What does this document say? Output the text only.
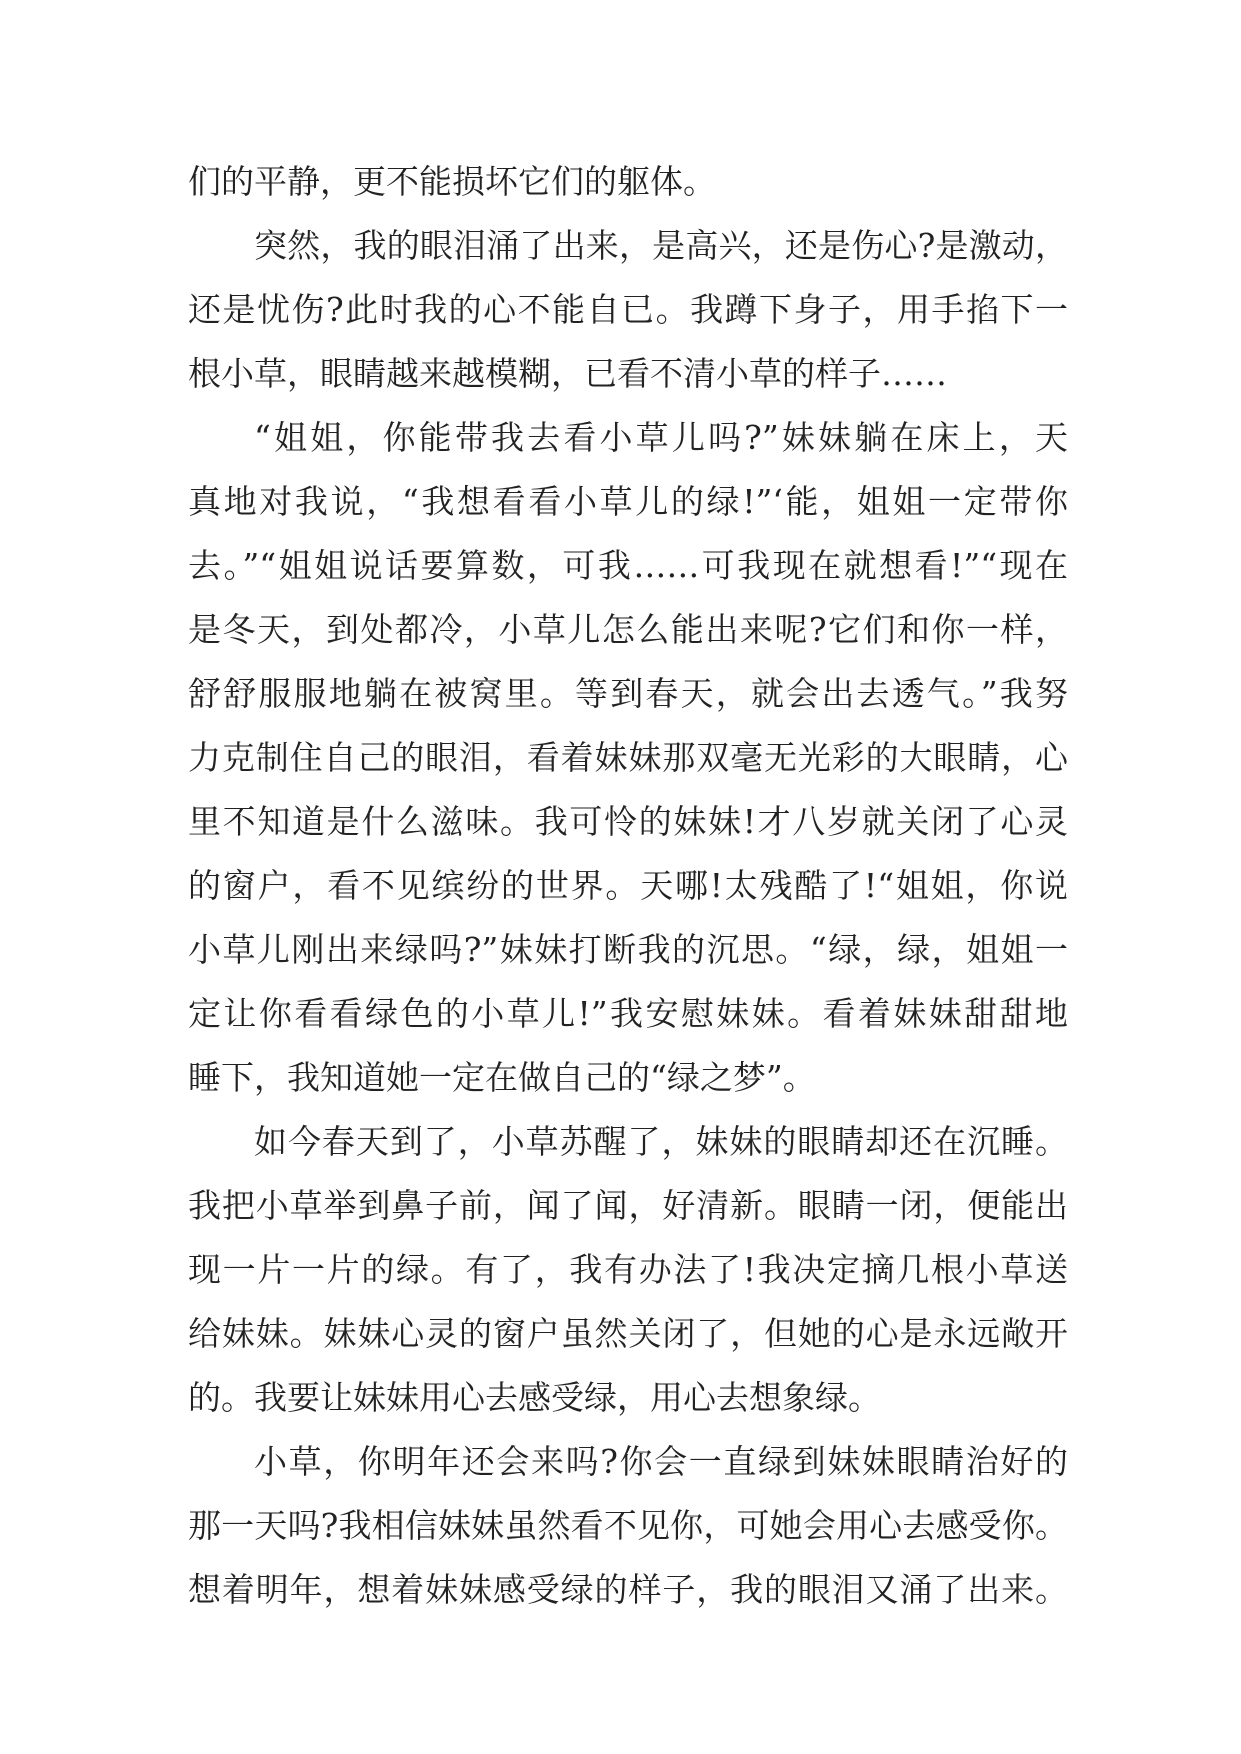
们的平静，更不能损坏它们的躯体。
突然，我的眼泪涌了出来，是高兴，还是伤心?是激动，
还是忧伤?此时我的心不能自已。我蹲下身子，用手掐下一
根小草，眼睛越来越模糊，已看不清小草的样子……
“姐姐，你能带我去看小草儿吗?”妹妹躺在床上，天
真地对我说，“我想看看小草儿的绿!”‘能，姐姐一定带你
去。”“姐姐说话要算数，可我……可我现在就想看!”“现在
是冬天，到处都冷，小草儿怎么能出来呢?它们和你一样，
舒舒服服地躺在被窝里。等到春天，就会出去透气。”我努
力克制住自己的眼泪，看着妹妹那双毫无光彩的大眼睛，心
里不知道是什么滋味。我可怜的妹妹!才八岁就关闭了心灵
的窗户，看不见缤纷的世界。天哪!太残酷了!“姐姐，你说
小草儿刚出来绿吗?”妹妹打断我的沉思。“绿，绿，姐姐一
定让你看看绿色的小草儿!”我安慰妹妹。看着妹妹甜甜地
睡下，我知道她一定在做自己的“绿之梦”。
如今春天到了，小草苏醒了，妹妹的眼睛却还在沉睡。
我把小草举到鼻子前，闻了闻，好清新。眼睛一闭，便能出
现一片一片的绿。有了，我有办法了!我决定摘几根小草送
给妹妹。妹妹心灵的窗户虽然关闭了，但她的心是永远敞开
的。我要让妹妹用心去感受绿，用心去想象绿。
小草，你明年还会来吗?你会一直绿到妹妹眼睛治好的
那一天吗?我相信妹妹虽然看不见你，可她会用心去感受你。
想着明年，想着妹妹感受绿的样子，我的眼泪又涌了出来。
